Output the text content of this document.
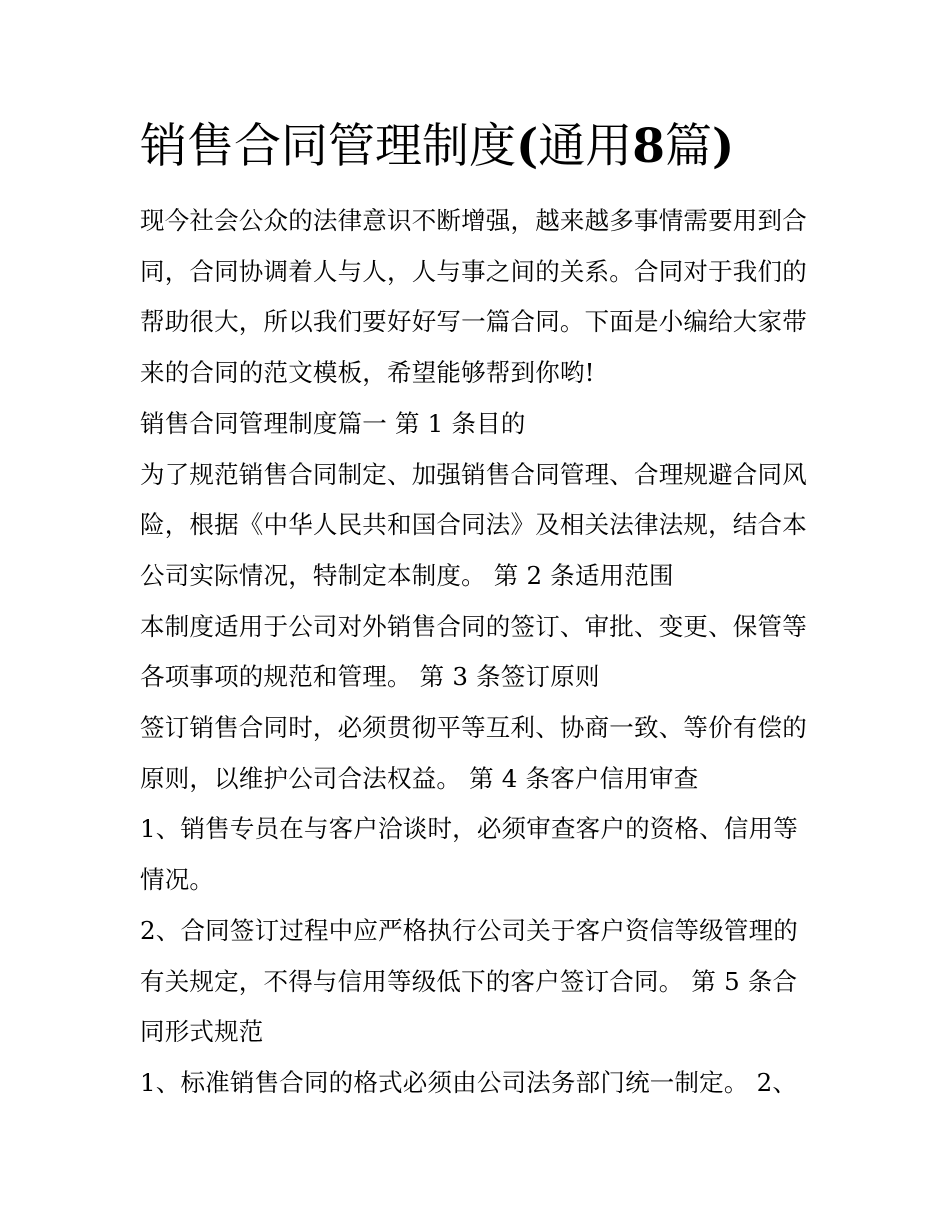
销售合同管理制度(通用8篇)

现今社会公众的法律意识不断增强，越来越多事情需要用到合

同，合同协调着人与人，人与事之间的关系。合同对于我们的

帮助很大，所以我们要好好写一篇合同。下面是小编给大家带

来的合同的范文模板，希望能够帮到你哟!

销售合同管理制度篇一 第 1 条目的

为了规范销售合同制定、加强销售合同管理、合理规避合同风

险，根据《中华人民共和国合同法》及相关法律法规，结合本

公司实际情况，特制定本制度。 第 2 条适用范围

本制度适用于公司对外销售合同的签订、审批、变更、保管等

各项事项的规范和管理。 第 3 条签订原则

签订销售合同时，必须贯彻平等互利、协商一致、等价有偿的

原则，以维护公司合法权益。 第 4 条客户信用审查

1、销售专员在与客户洽谈时，必须审查客户的资格、信用等

情况。

2、合同签订过程中应严格执行公司关于客户资信等级管理的

有关规定，不得与信用等级低下的客户签订合同。 第 5 条合

同形式规范

1、标准销售合同的格式必须由公司法务部门统一制定。 2、
